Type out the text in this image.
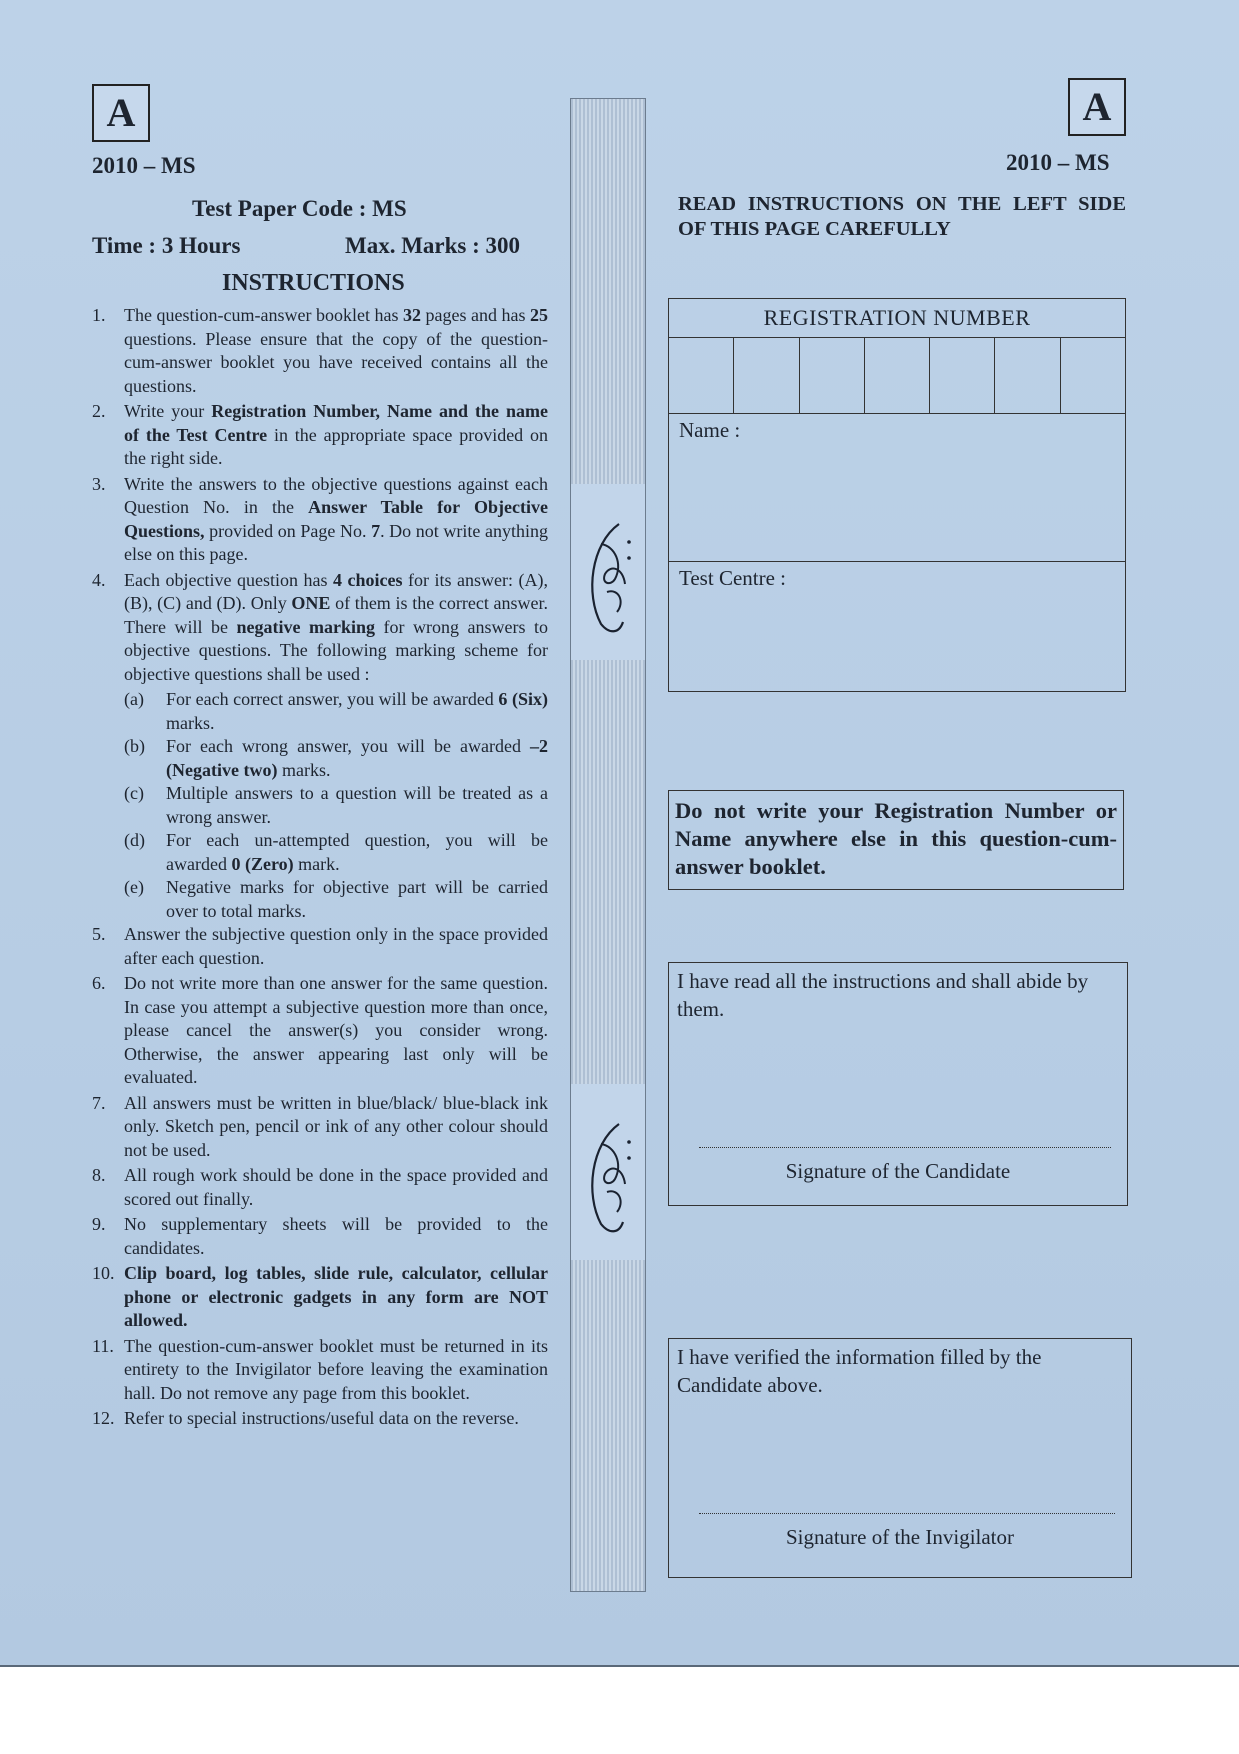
A
2010 – MS
Test Paper Code : MS
Time : 3 Hours	Max. Marks : 300
INSTRUCTIONS
1. The question-cum-answer booklet has 32 pages and has 25 questions. Please ensure that the copy of the question-cum-answer booklet you have received contains all the questions.
2. Write your Registration Number, Name and the name of the Test Centre in the appropriate space provided on the right side.
3. Write the answers to the objective questions against each Question No. in the Answer Table for Objective Questions, provided on Page No. 7. Do not write anything else on this page.
4. Each objective question has 4 choices for its answer: (A), (B), (C) and (D). Only ONE of them is the correct answer. There will be negative marking for wrong answers to objective questions. The following marking scheme for objective questions shall be used :
(a) For each correct answer, you will be awarded 6 (Six) marks.
(b) For each wrong answer, you will be awarded –2 (Negative two) marks.
(c) Multiple answers to a question will be treated as a wrong answer.
(d) For each un-attempted question, you will be awarded 0 (Zero) mark.
(e) Negative marks for objective part will be carried over to total marks.
5. Answer the subjective question only in the space provided after each question.
6. Do not write more than one answer for the same question. In case you attempt a subjective question more than once, please cancel the answer(s) you consider wrong. Otherwise, the answer appearing last only will be evaluated.
7. All answers must be written in blue/black/ blue-black ink only. Sketch pen, pencil or ink of any other colour should not be used.
8. All rough work should be done in the space provided and scored out finally.
9. No supplementary sheets will be provided to the candidates.
10. Clip board, log tables, slide rule, calculator, cellular phone or electronic gadgets in any form are NOT allowed.
11. The question-cum-answer booklet must be returned in its entirety to the Invigilator before leaving the examination hall. Do not remove any page from this booklet.
12. Refer to special instructions/useful data on the reverse.
A
2010 – MS
READ INSTRUCTIONS ON THE LEFT SIDE OF THIS PAGE CAREFULLY
REGISTRATION NUMBER
Name :
Test Centre :
Do not write your Registration Number or Name anywhere else in this question-cum-answer booklet.
I have read all the instructions and shall abide by them.
Signature of the Candidate
I have verified the information filled by the Candidate above.
Signature of the Invigilator
